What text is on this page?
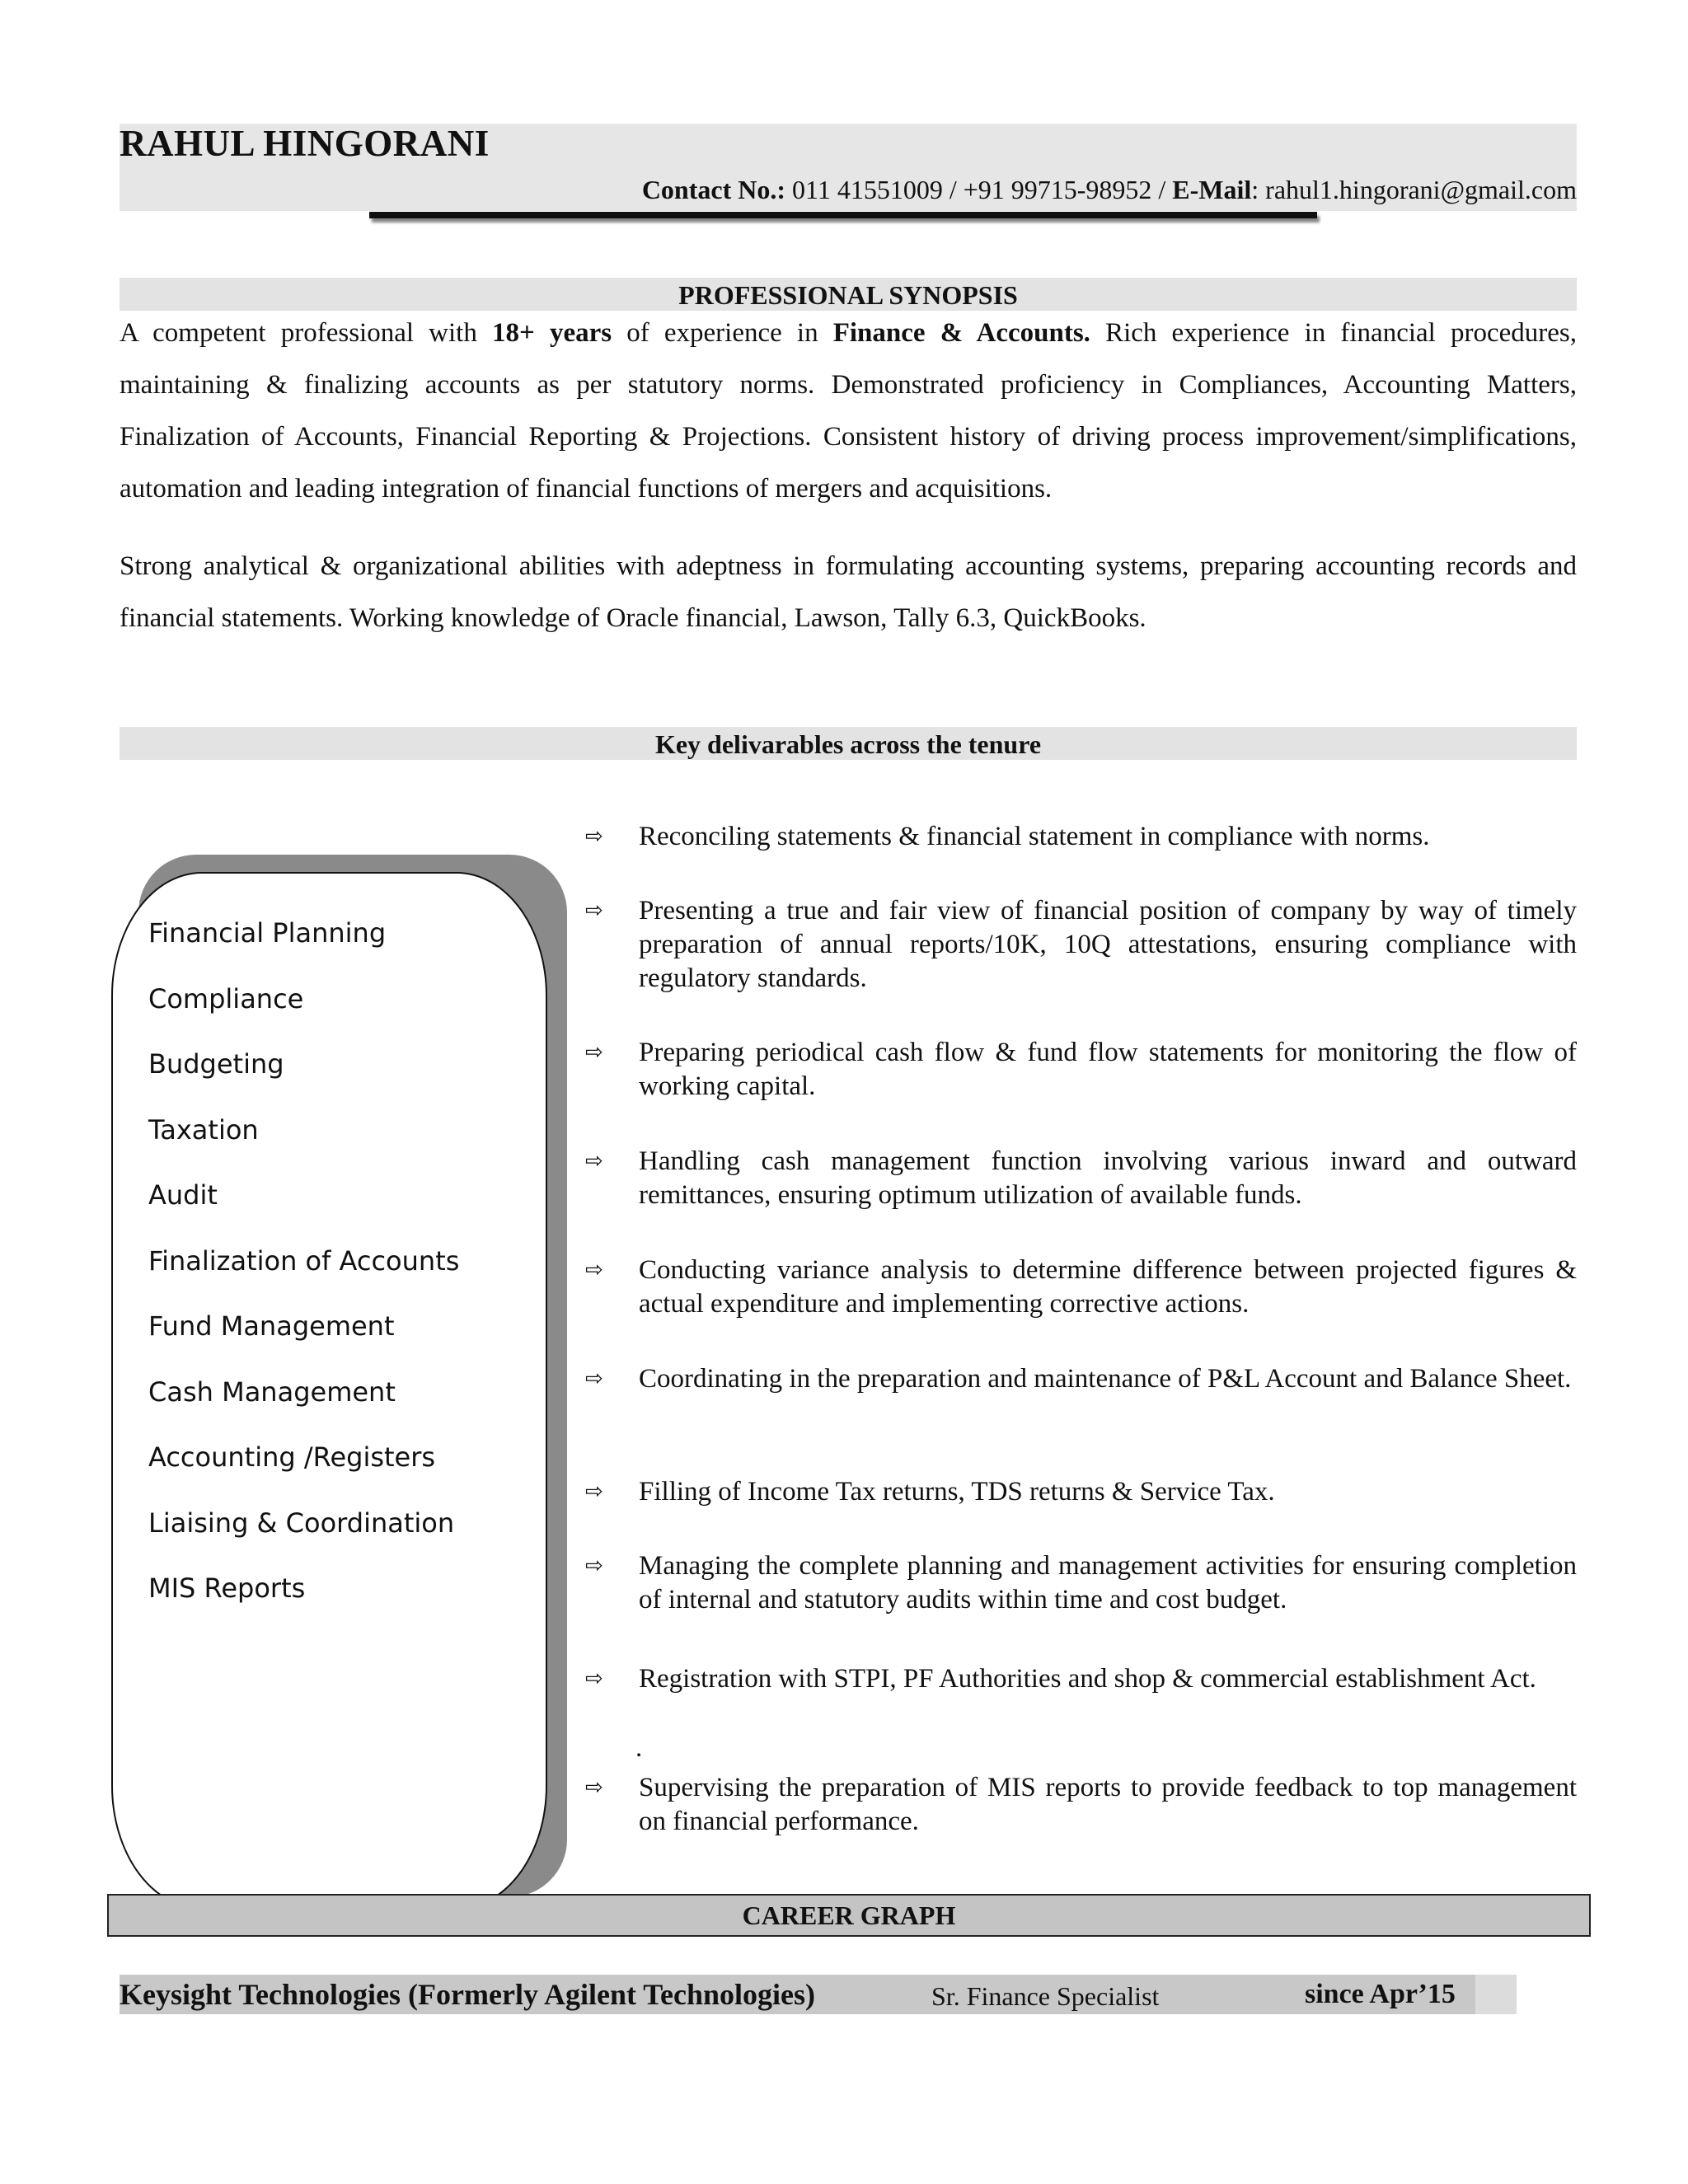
RAHUL HINGORANI
Contact No.: 011 41551009 / +91 99715-98952 / E-Mail: rahul1.hingorani@gmail.com
PROFESSIONAL SYNOPSIS
A competent professional with 18+ years of experience in Finance & Accounts. Rich experience in financial procedures, maintaining & finalizing accounts as per statutory norms. Demonstrated proficiency in Compliances, Accounting Matters, Finalization of Accounts, Financial Reporting & Projections. Consistent history of driving process improvement/simplifications, automation and leading integration of financial functions of mergers and acquisitions.
Strong analytical & organizational abilities with adeptness in formulating accounting systems, preparing accounting records and financial statements. Working knowledge of Oracle financial, Lawson, Tally 6.3, QuickBooks.
Key delivarables across the tenure
Financial Planning
Compliance
Budgeting
Taxation
Audit
Finalization of Accounts
Fund Management
Cash Management
Accounting /Registers
Liaising & Coordination
MIS Reports
⇨ Reconciling statements & financial statement in compliance with norms.
⇨ Presenting a true and fair view of financial position of company by way of timely preparation of annual reports/10K, 10Q attestations, ensuring compliance with regulatory standards.
⇨ Preparing periodical cash flow & fund flow statements for monitoring the flow of working capital.
⇨ Handling cash management function involving various inward and outward remittances, ensuring optimum utilization of available funds.
⇨ Conducting variance analysis to determine difference between projected figures & actual expenditure and implementing corrective actions.
⇨ Coordinating in the preparation and maintenance of P&L Account and Balance Sheet.
⇨ Filling of Income Tax returns, TDS returns & Service Tax.
⇨ Managing the complete planning and management activities for ensuring completion of internal and statutory audits within time and cost budget.
⇨ Registration with STPI, PF Authorities and shop & commercial establishment Act.
⇨ Supervising the preparation of MIS reports to provide feedback to top management on financial performance.
.
CAREER GRAPH
Keysight Technologies (Formerly Agilent Technologies)	Sr. Finance Specialist	since Apr’15
